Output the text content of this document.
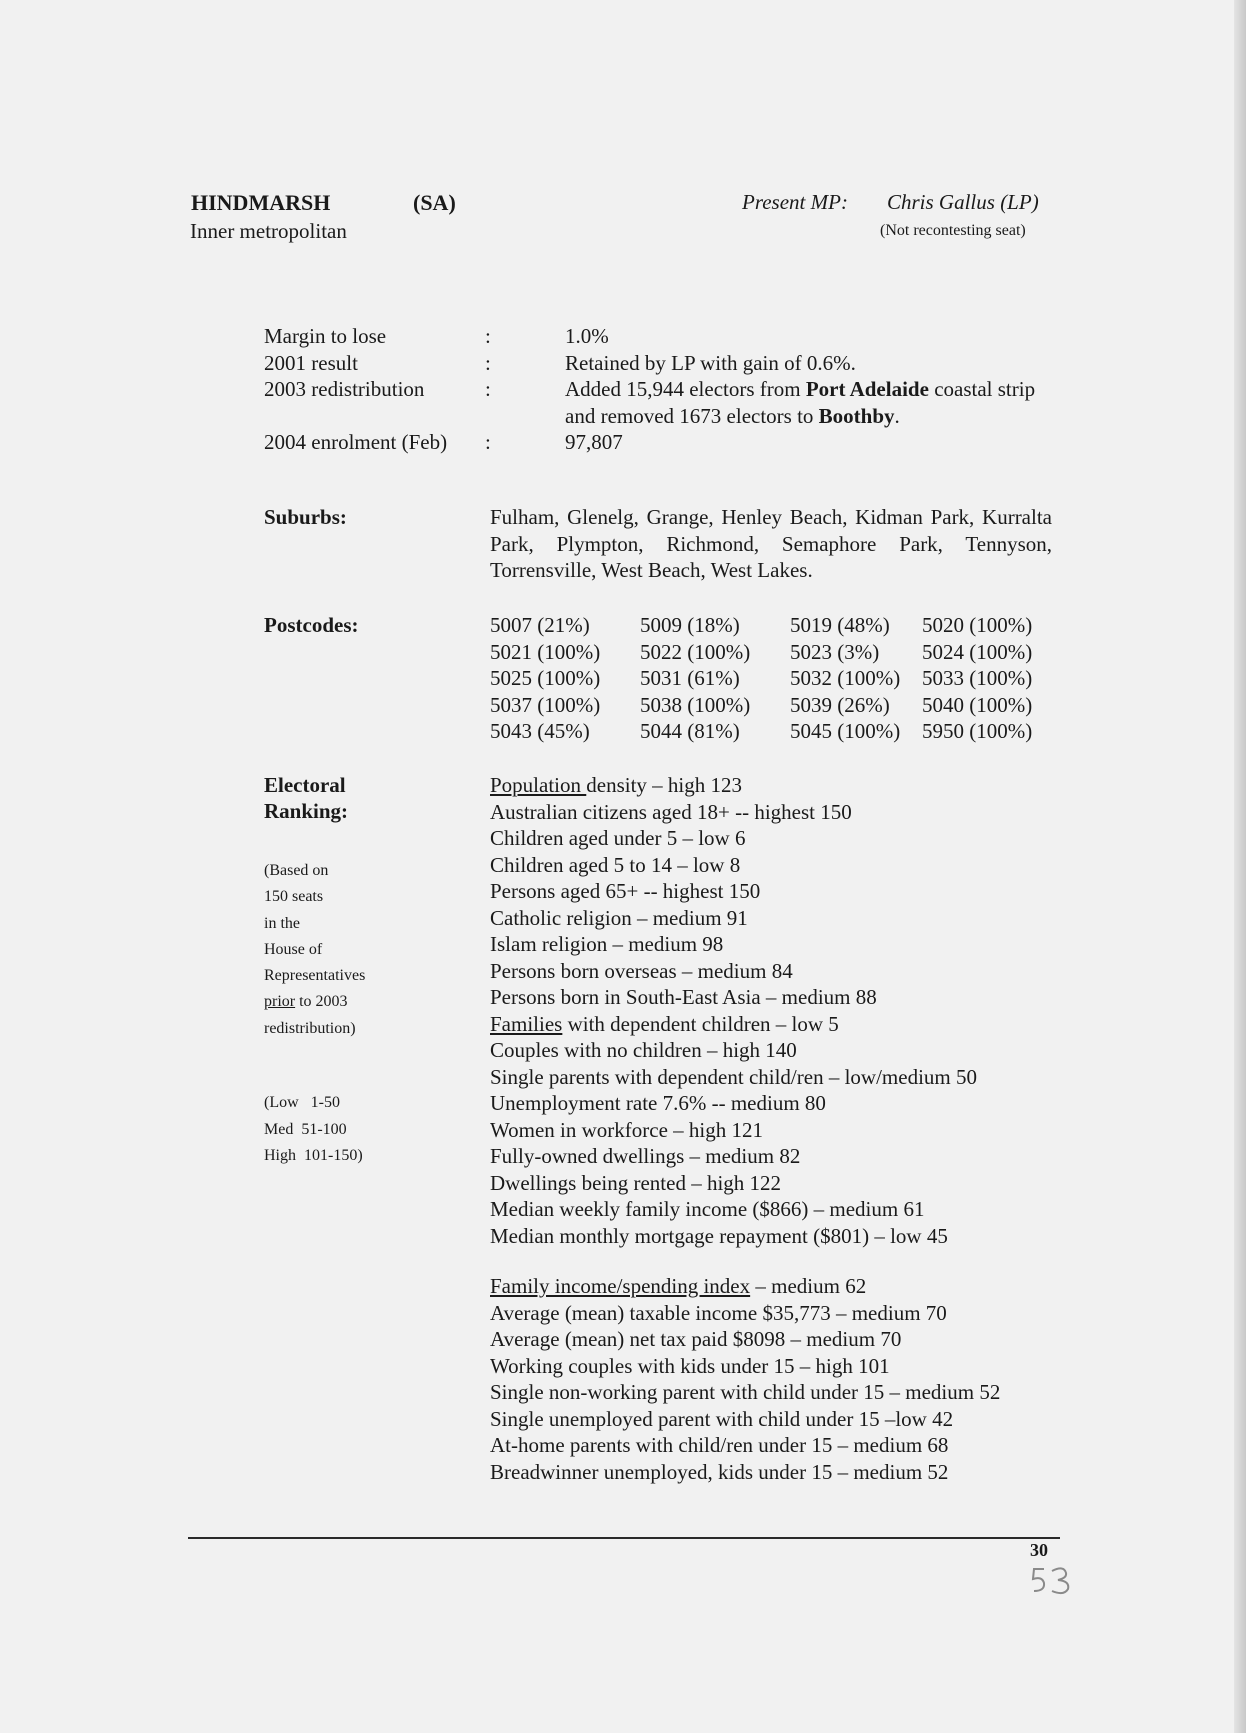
HINDMARSH	(SA)
Inner metropolitan
Present MP: Chris Gallus (LP)
(Not recontesting seat)
Margin to lose	:	1.0%
2001 result	:	Retained by LP with gain of 0.6%.
2003 redistribution	:	Added 15,944 electors from Port Adelaide coastal strip and removed 1673 electors to Boothby.
2004 enrolment (Feb)	:	97,807
Suburbs:	Fulham, Glenelg, Grange, Henley Beach, Kidman Park, Kurralta Park, Plympton, Richmond, Semaphore Park, Tennyson, Torrensville, West Beach, West Lakes.
Postcodes:	5007 (21%)	5009 (18%)	5019 (48%)	5020 (100%)
5021 (100%)	5022 (100%)	5023 (3%)	5024 (100%)
5025 (100%)	5031 (61%)	5032 (100%)	5033 (100%)
5037 (100%)	5038 (100%)	5039 (26%)	5040 (100%)
5043 (45%)	5044 (81%)	5045 (100%)	5950 (100%)
Electoral
Ranking:
(Based on
150 seats
in the
House of
Representatives
prior to 2003
redistribution)
(Low   1-50
Med  51-100
High  101-150)
Population density – high 123
Australian citizens aged 18+ -- highest 150
Children aged under 5 – low 6
Children aged 5 to 14 – low 8
Persons aged 65+ -- highest 150
Catholic religion – medium 91
Islam religion – medium 98
Persons born overseas – medium 84
Persons born in South-East Asia – medium 88
Families with dependent children – low 5
Couples with no children – high 140
Single parents with dependent child/ren – low/medium 50
Unemployment rate 7.6% -- medium 80
Women in workforce – high 121
Fully-owned dwellings – medium 82
Dwellings being rented – high 122
Median weekly family income ($866) – medium 61
Median monthly mortgage repayment ($801) – low 45
Family income/spending index – medium 62
Average (mean) taxable income $35,773 – medium 70
Average (mean) net tax paid $8098 – medium 70
Working couples with kids under 15 – high 101
Single non-working parent with child under 15 – medium 52
Single unemployed parent with child under 15 –low 42
At-home parents with child/ren under 15 – medium 68
Breadwinner unemployed, kids under 15 – medium 52
30
